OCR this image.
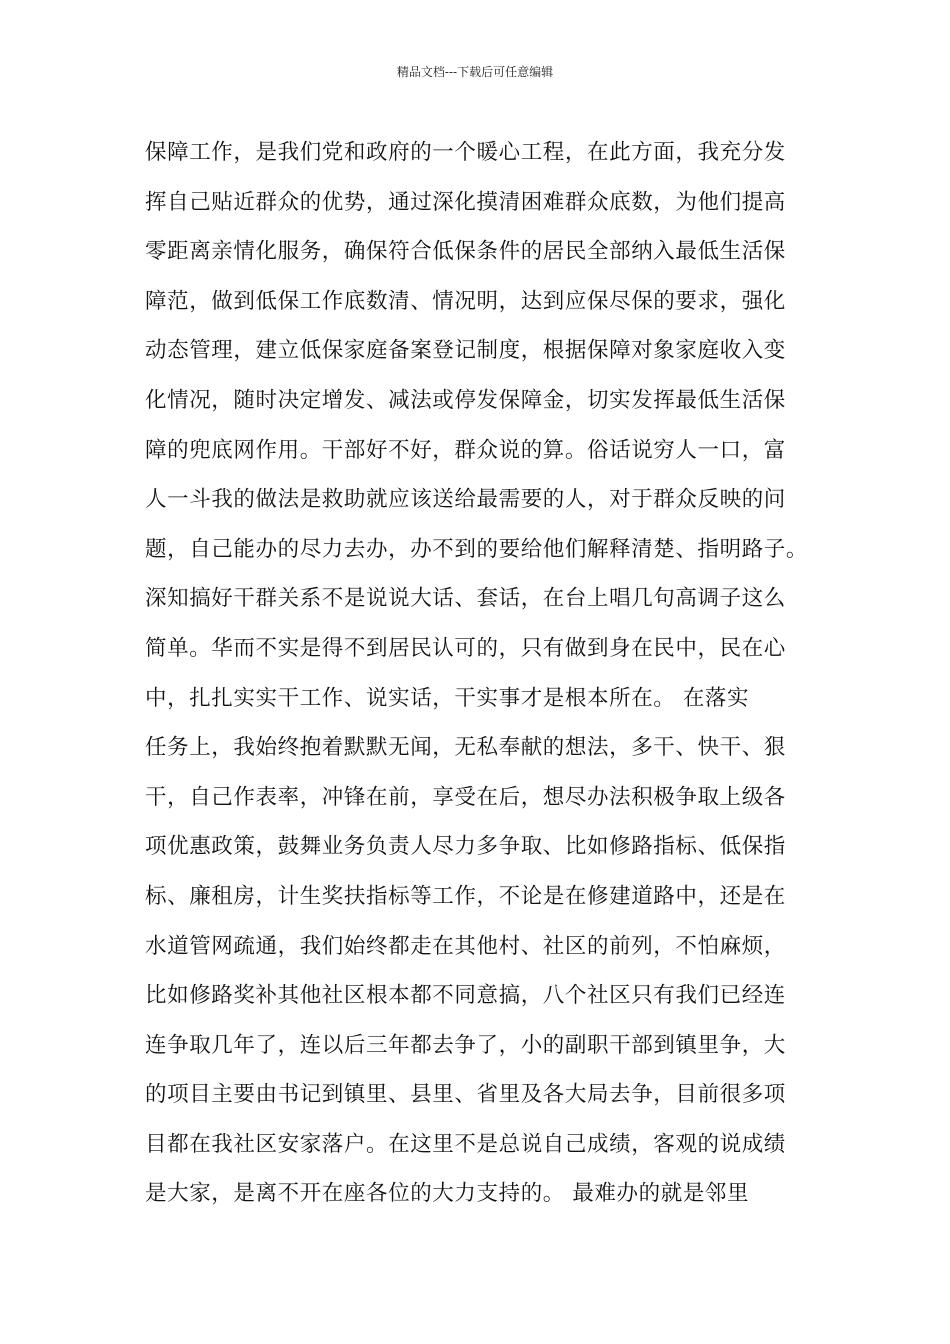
精品文档---下载后可任意编辑
保障工作，是我们党和政府的一个暖心工程，在此方面，我充分发
挥自己贴近群众的优势，通过深化摸清困难群众底数，为他们提高
零距离亲情化服务，确保符合低保条件的居民全部纳入最低生活保
障范，做到低保工作底数清、情况明，达到应保尽保的要求，强化
动态管理，建立低保家庭备案登记制度，根据保障对象家庭收入变
化情况，随时决定增发、减法或停发保障金，切实发挥最低生活保
障的兜底网作用。干部好不好，群众说的算。俗话说穷人一口，富
人一斗我的做法是救助就应该送给最需要的人，对于群众反映的问
题，自己能办的尽力去办，办不到的要给他们解释清楚、指明路子。
深知搞好干群关系不是说说大话、套话，在台上唱几句高调子这么
简单。华而不实是得不到居民认可的，只有做到身在民中，民在心
中，扎扎实实干工作、说实话，干实事才是根本所在。 在落实
任务上，我始终抱着默默无闻，无私奉献的想法，多干、快干、狠
干，自己作表率，冲锋在前，享受在后，想尽办法积极争取上级各
项优惠政策，鼓舞业务负责人尽力多争取、比如修路指标、低保指
标、廉租房，计生奖扶指标等工作，不论是在修建道路中，还是在
水道管网疏通，我们始终都走在其他村、社区的前列，不怕麻烦，
比如修路奖补其他社区根本都不同意搞，八个社区只有我们已经连
连争取几年了，连以后三年都去争了，小的副职干部到镇里争，大
的项目主要由书记到镇里、县里、省里及各大局去争，目前很多项
目都在我社区安家落户。在这里不是总说自己成绩，客观的说成绩
是大家，是离不开在座各位的大力支持的。 最难办的就是邻里
